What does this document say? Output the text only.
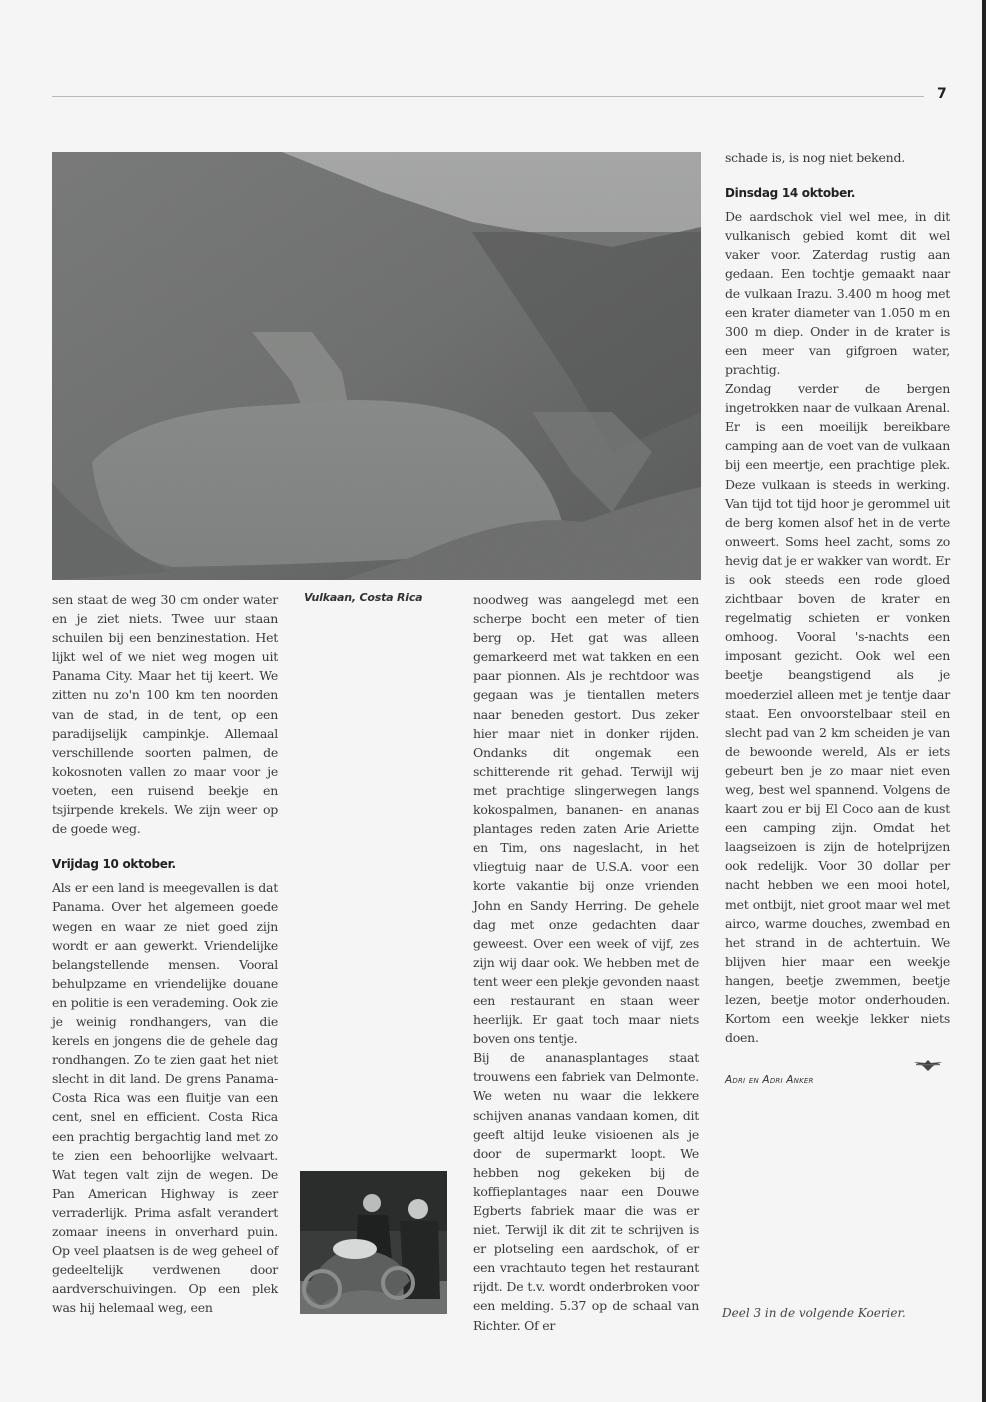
7
Vulkaan, Costa Rica

sen staat de weg 30 cm onder water en je ziet niets. Twee uur staan schuilen bij een benzinestation. Het lijkt wel of we niet weg mogen uit Panama City. Maar het tij keert. We zitten nu zo'n 100 km ten noorden van de stad, in de tent, op een paradijselijk campinkje. Allemaal verschillende soorten palmen, de kokosnoten vallen zo maar voor je voeten, een ruisend beekje en tsjirpende krekels. We zijn weer op de goede weg.

Vrijdag 10 oktober.

Als er een land is meegevallen is dat Panama. Over het algemeen goede wegen en waar ze niet goed zijn wordt er aan gewerkt. Vriendelijke belangstellende mensen. Vooral behulpzame en vriendelijke douane en politie is een verademing. Ook zie je weinig rondhangers, van die kerels en jongens die de gehele dag rondhangen. Zo te zien gaat het niet slecht in dit land. De grens Panama-Costa Rica was een fluitje van een cent, snel en efficient. Costa Rica een prachtig bergachtig land met zo te zien een behoorlijke welvaart. Wat tegen valt zijn de wegen. De Pan American Highway is zeer verraderlijk. Prima asfalt verandert zomaar ineens in onverhard puin. Op veel plaatsen is de weg geheel of gedeeltelijk verdwenen door aardverschuivingen. Op een plek was hij helemaal weg, een

noodweg was aangelegd met een scherpe bocht een meter of tien berg op. Het gat was alleen gemarkeerd met wat takken en een paar pionnen. Als je rechtdoor was gegaan was je tientallen meters naar beneden gestort. Dus zeker hier maar niet in donker rijden. Ondanks dit ongemak een schitterende rit gehad. Terwijl wij met prachtige slingerwegen langs kokospalmen, bananen- en ananas plantages reden zaten Arie Ariette en Tim, ons nageslacht, in het vliegtuig naar de U.S.A. voor een korte vakantie bij onze vrienden John en Sandy Herring. De gehele dag met onze gedachten daar geweest. Over een week of vijf, zes zijn wij daar ook. We hebben met de tent weer een plekje gevonden naast een restaurant en staan weer heerlijk. Er gaat toch maar niets boven ons tentje.

Bij de ananasplantages staat trouwens een fabriek van Delmonte. We weten nu waar die lekkere schijven ananas vandaan komen, dit geeft altijd leuke visioenen als je door de supermarkt loopt. We hebben nog gekeken bij de koffieplantages naar een Douwe Egberts fabriek maar die was er niet. Terwijl ik dit zit te schrijven is er plotseling een aardschok, of er een vrachtauto tegen het restaurant rijdt. De t.v. wordt onderbroken voor een melding. 5.37 op de schaal van Richter. Of er

schade is, is nog niet bekend.

Dinsdag 14 oktober.

De aardschok viel wel mee, in dit vulkanisch gebied komt dit wel vaker voor. Zaterdag rustig aan gedaan. Een tochtje gemaakt naar de vulkaan Irazu. 3.400 m hoog met een krater diameter van 1.050 m en 300 m diep. Onder in de krater is een meer van gifgroen water, prachtig.

Zondag verder de bergen ingetrokken naar de vulkaan Arenal. Er is een moeilijk bereikbare camping aan de voet van de vulkaan bij een meertje, een prachtige plek. Deze vulkaan is steeds in werking. Van tijd tot tijd hoor je gerommel uit de berg komen alsof het in de verte onweert. Soms heel zacht, soms zo hevig dat je er wakker van wordt. Er is ook steeds een rode gloed zichtbaar boven de krater en regelmatig schieten er vonken omhoog. Vooral 's-nachts een imposant gezicht. Ook wel een beetje beangstigend als je moederziel alleen met je tentje daar staat. Een onvoorstelbaar steil en slecht pad van 2 km scheiden je van de bewoonde wereld, Als er iets gebeurt ben je zo maar niet even weg, best wel spannend. Volgens de kaart zou er bij El Coco aan de kust een camping zijn. Omdat het laagseizoen is zijn de hotelprijzen ook redelijk. Voor 30 dollar per nacht hebben we een mooi hotel, met ontbijt, niet groot maar wel met airco, warme douches, zwembad en het strand in de achtertuin. We blijven hier maar een weekje hangen, beetje zwemmen, beetje lezen, beetje motor onderhouden. Kortom een weekje lekker niets doen.

Adri en Adri Anker

Deel 3 in de volgende Koerier.
